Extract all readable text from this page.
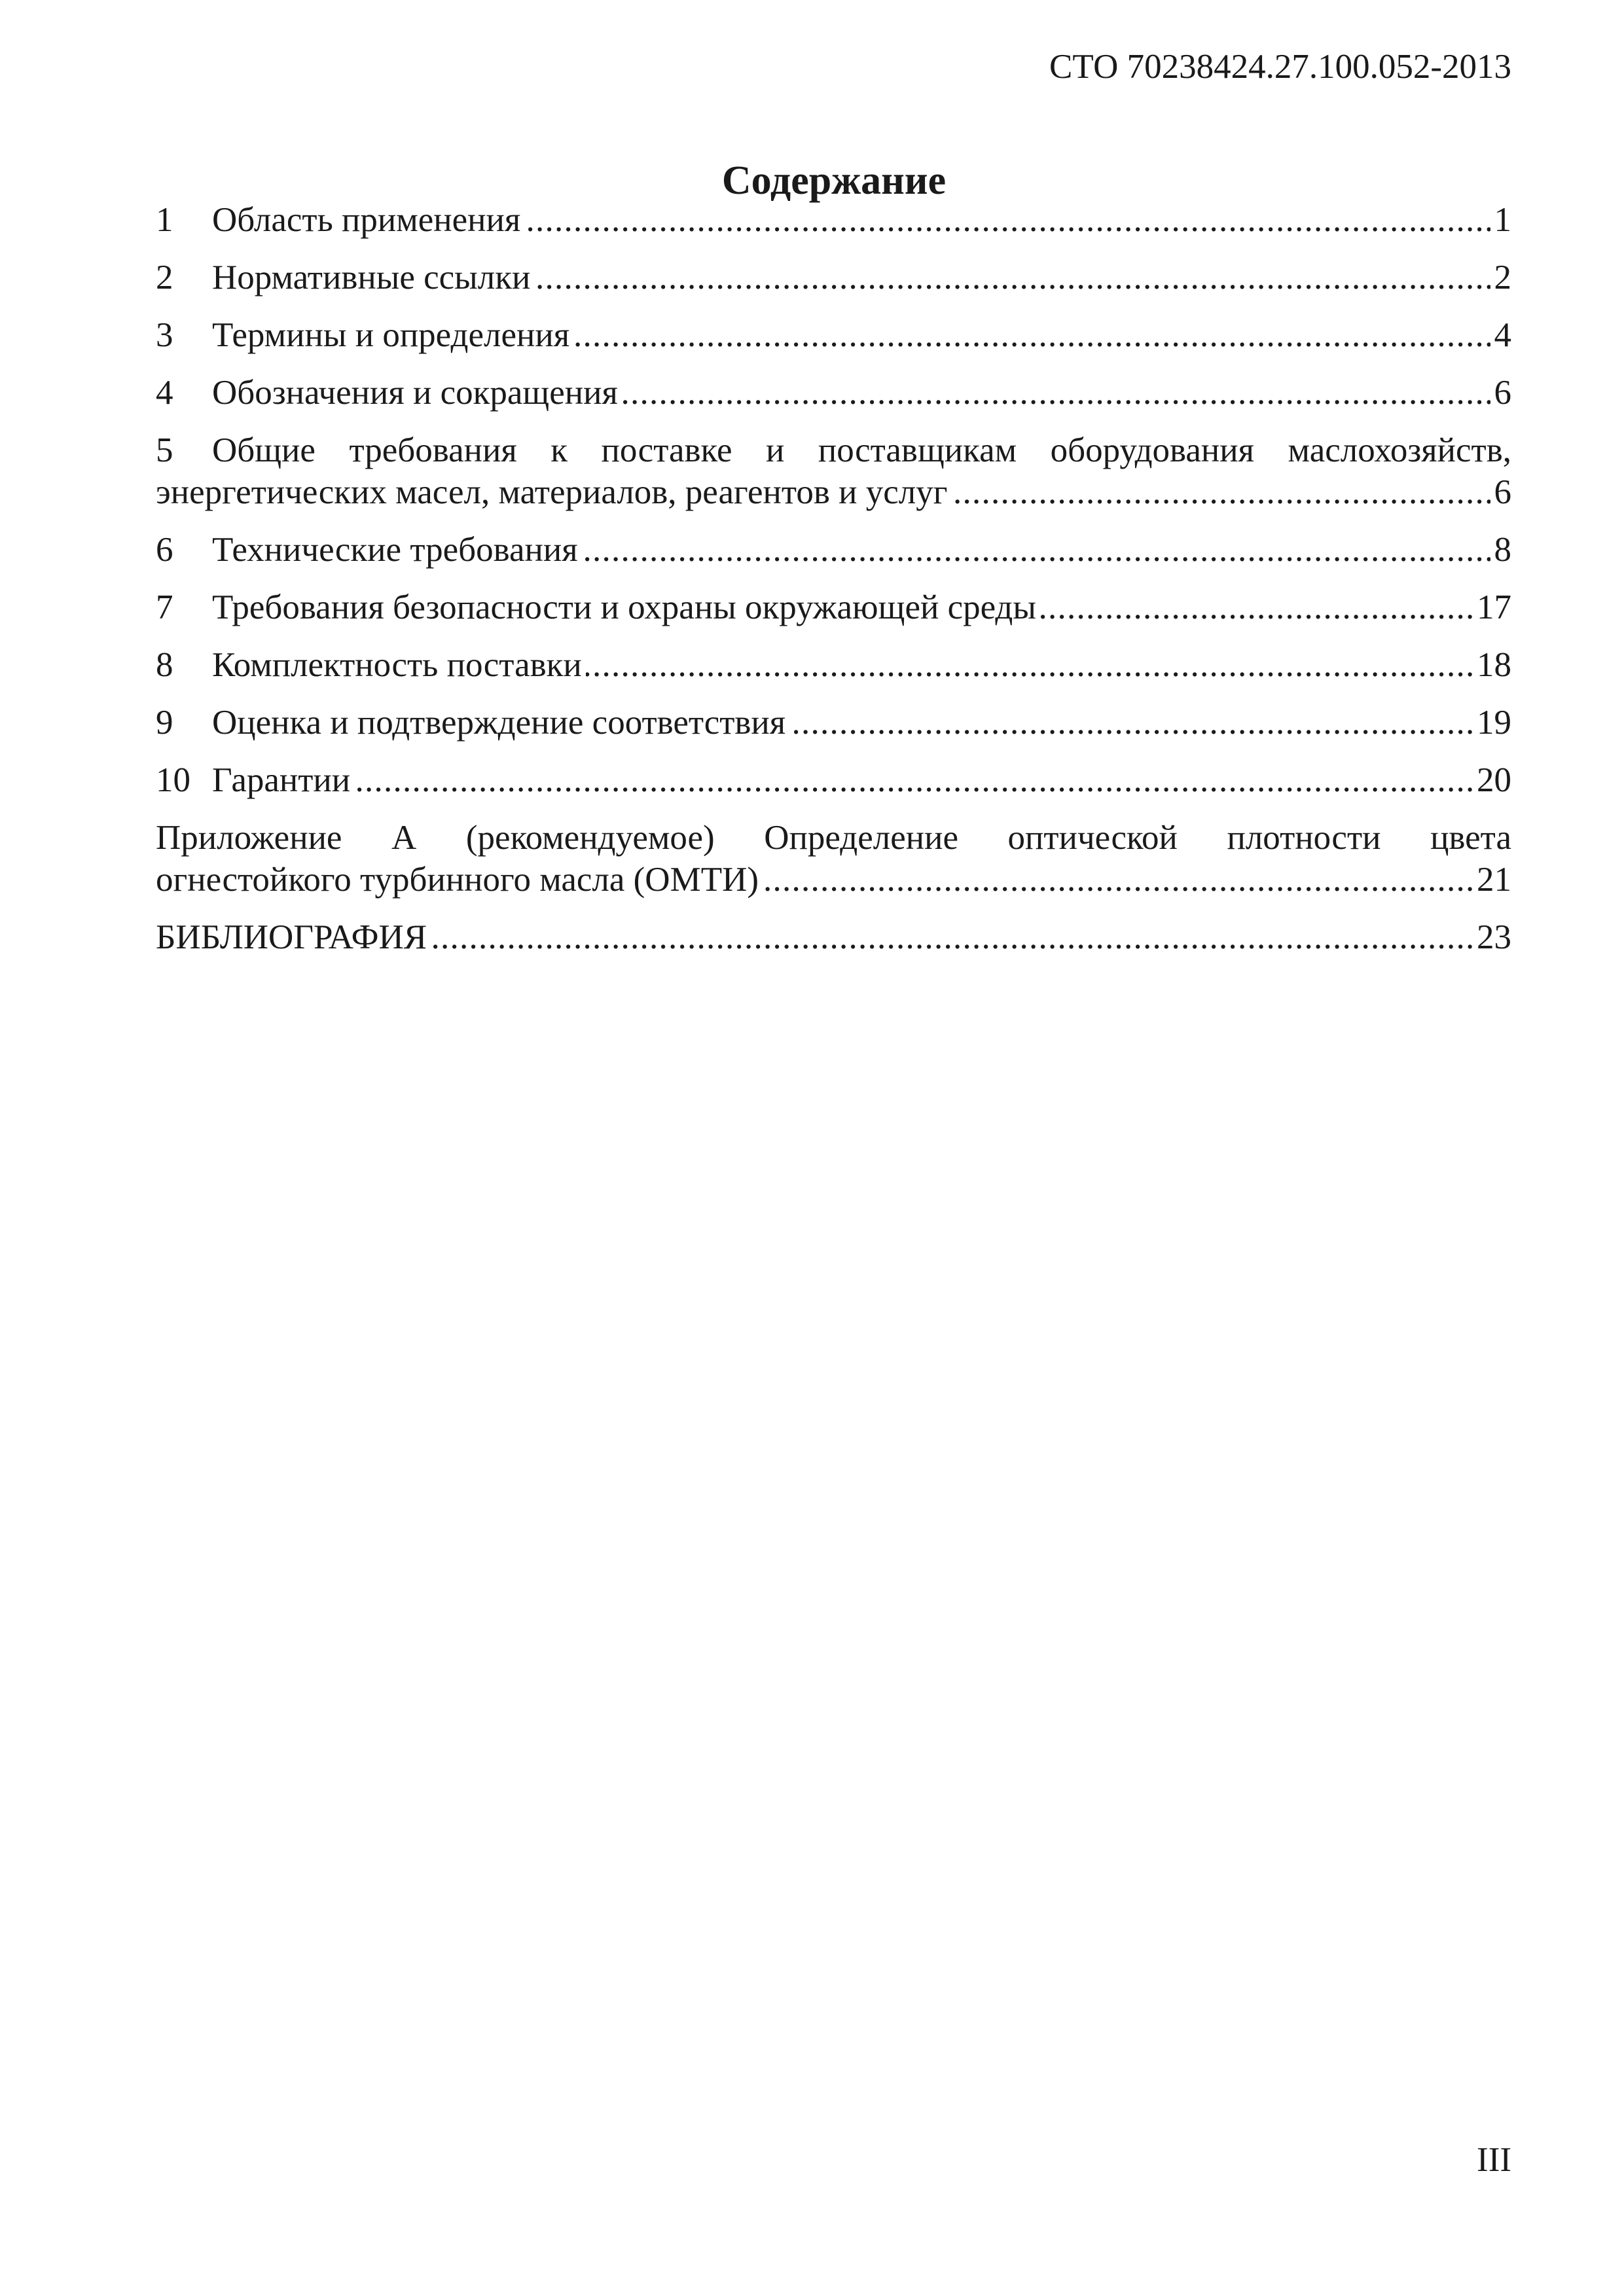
СТО 70238424.27.100.052-2013
Содержание
1 Область применения	1
2 Нормативные ссылки	2
3 Термины и определения	4
4 Обозначения и сокращения	6
5 Общие требования к поставке и поставщикам оборудования маслохозяйств,
энергетических масел, материалов, реагентов и услуг	6
6 Технические требования	8
7 Требования безопасности и охраны окружающей среды	17
8 Комплектность поставки	18
9 Оценка и подтверждение соответствия	19
10 Гарантии	20
Приложение А (рекомендуемое) Определение оптической плотности цвета
огнестойкого турбинного масла (ОМТИ)	21
БИБЛИОГРАФИЯ	23
III
